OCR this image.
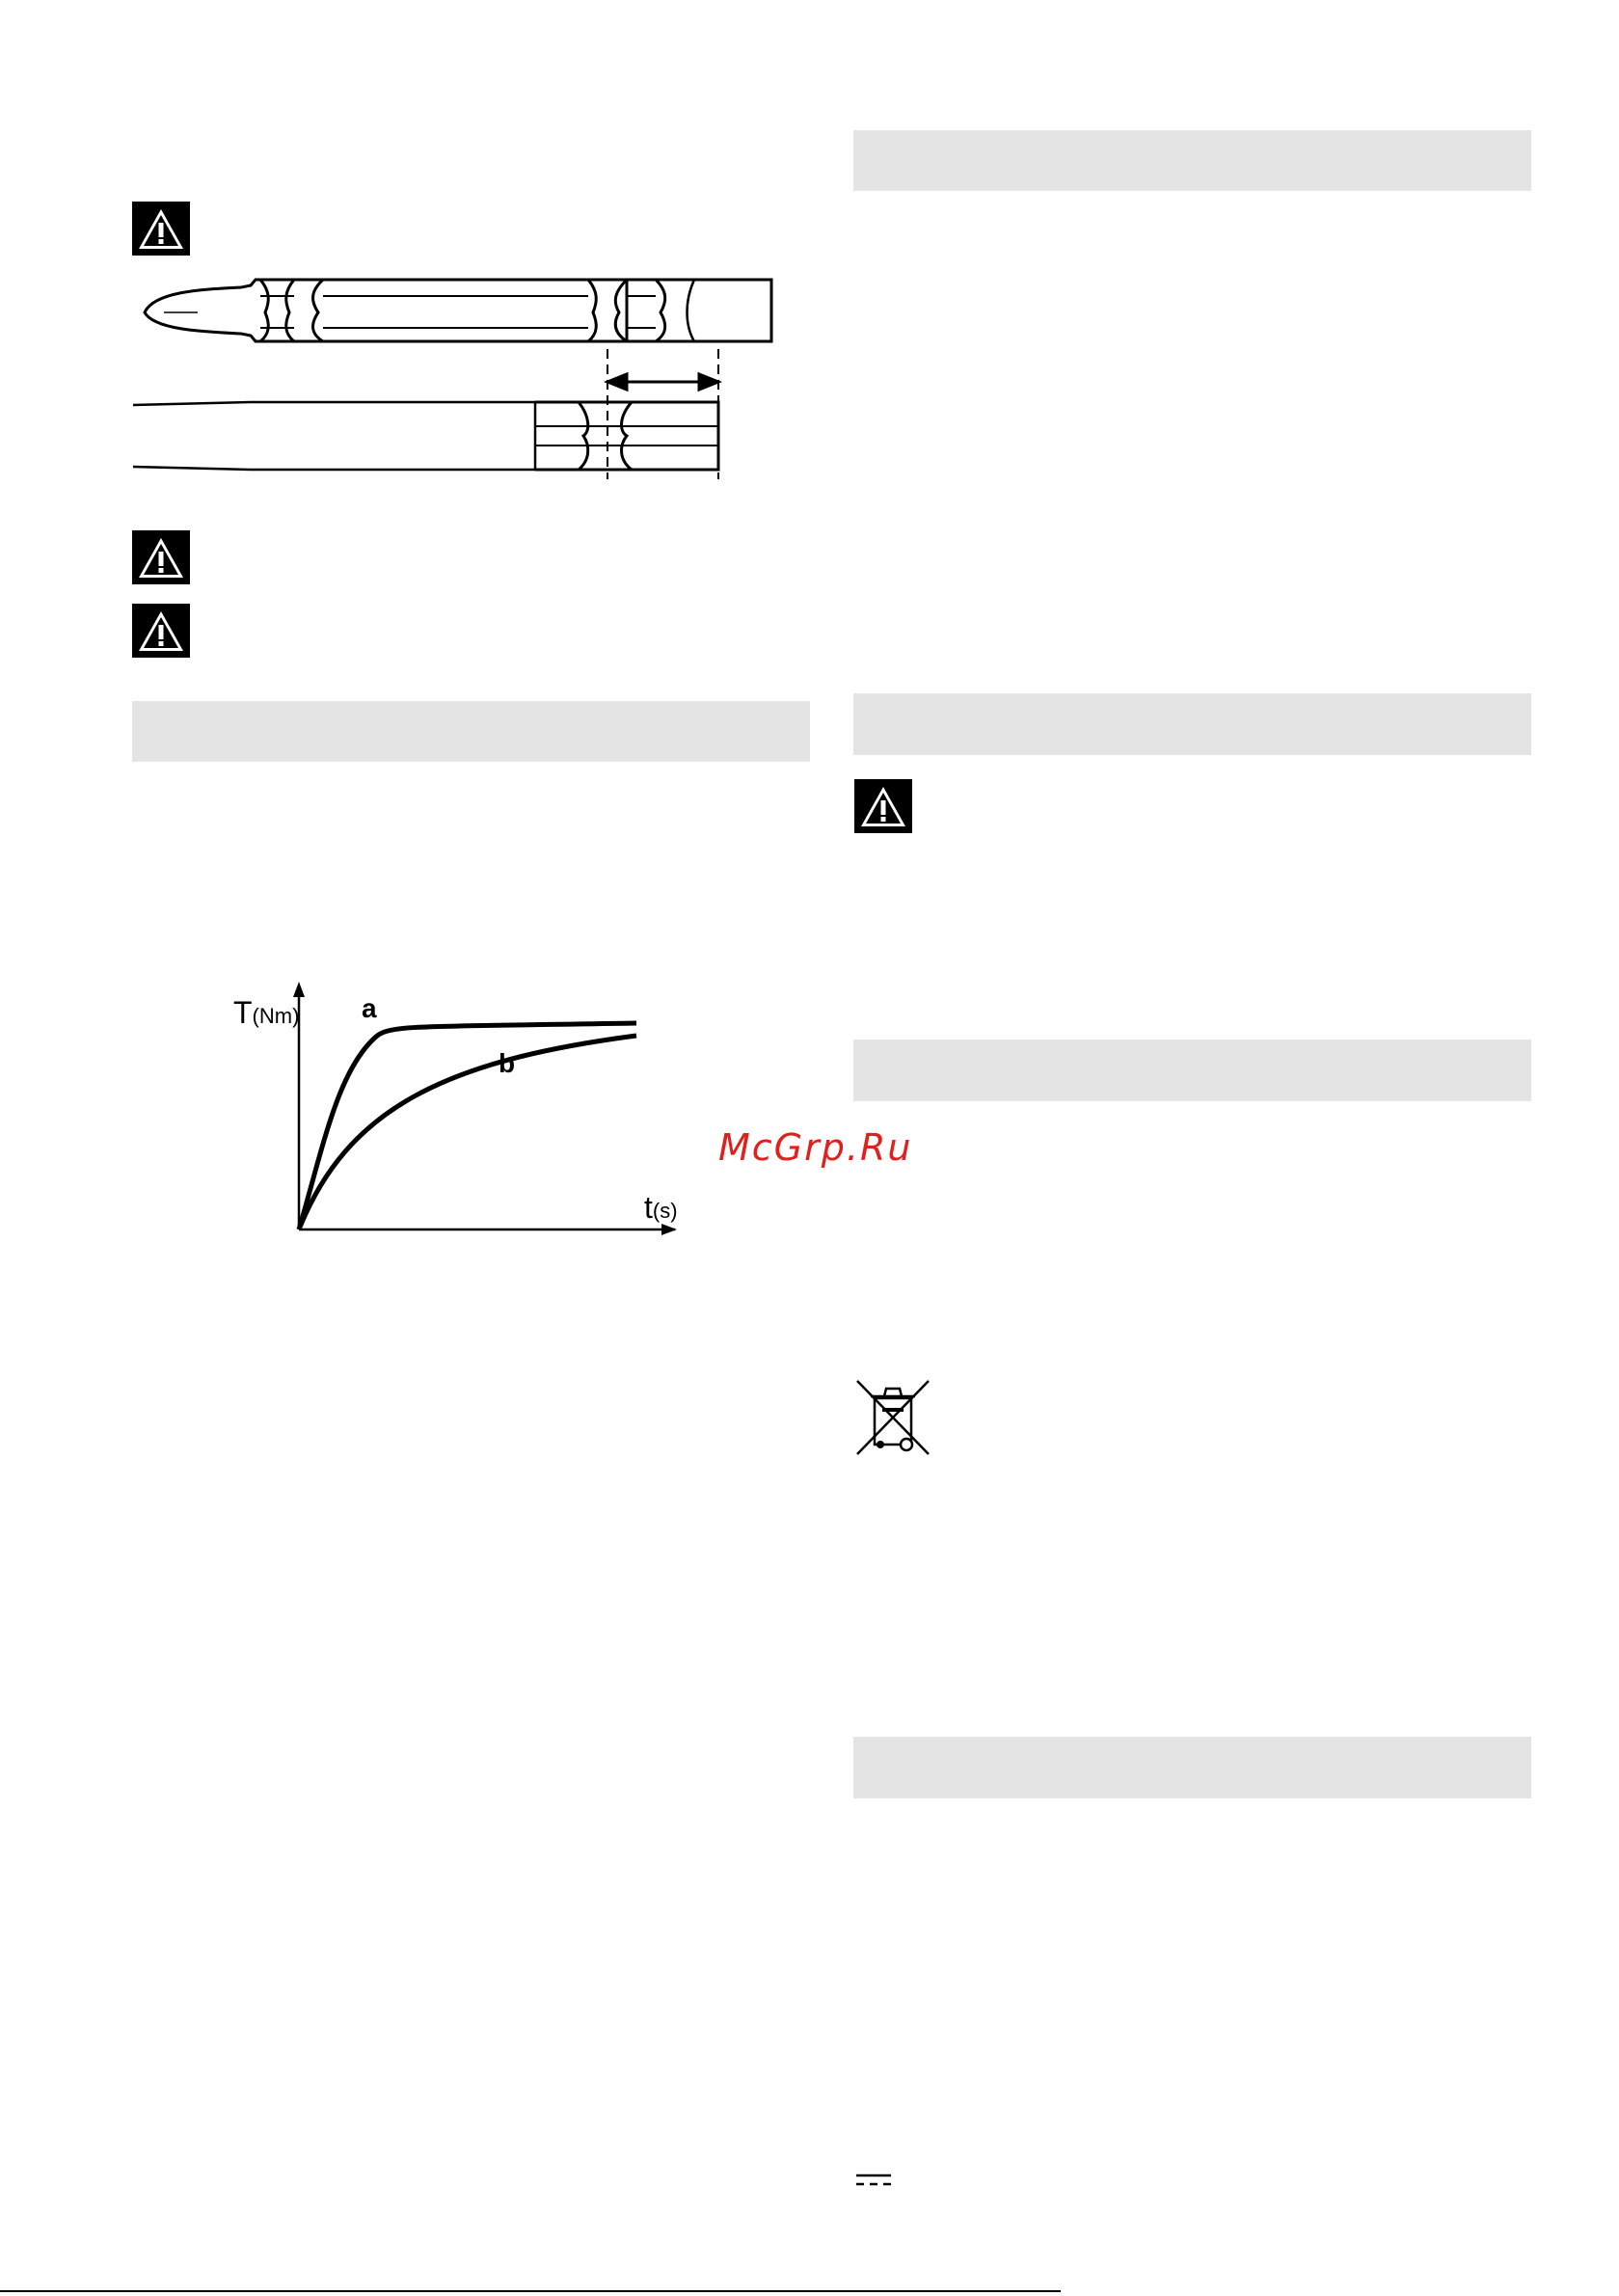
T(Nm) a
b
t(s)
McGrp.Ru
